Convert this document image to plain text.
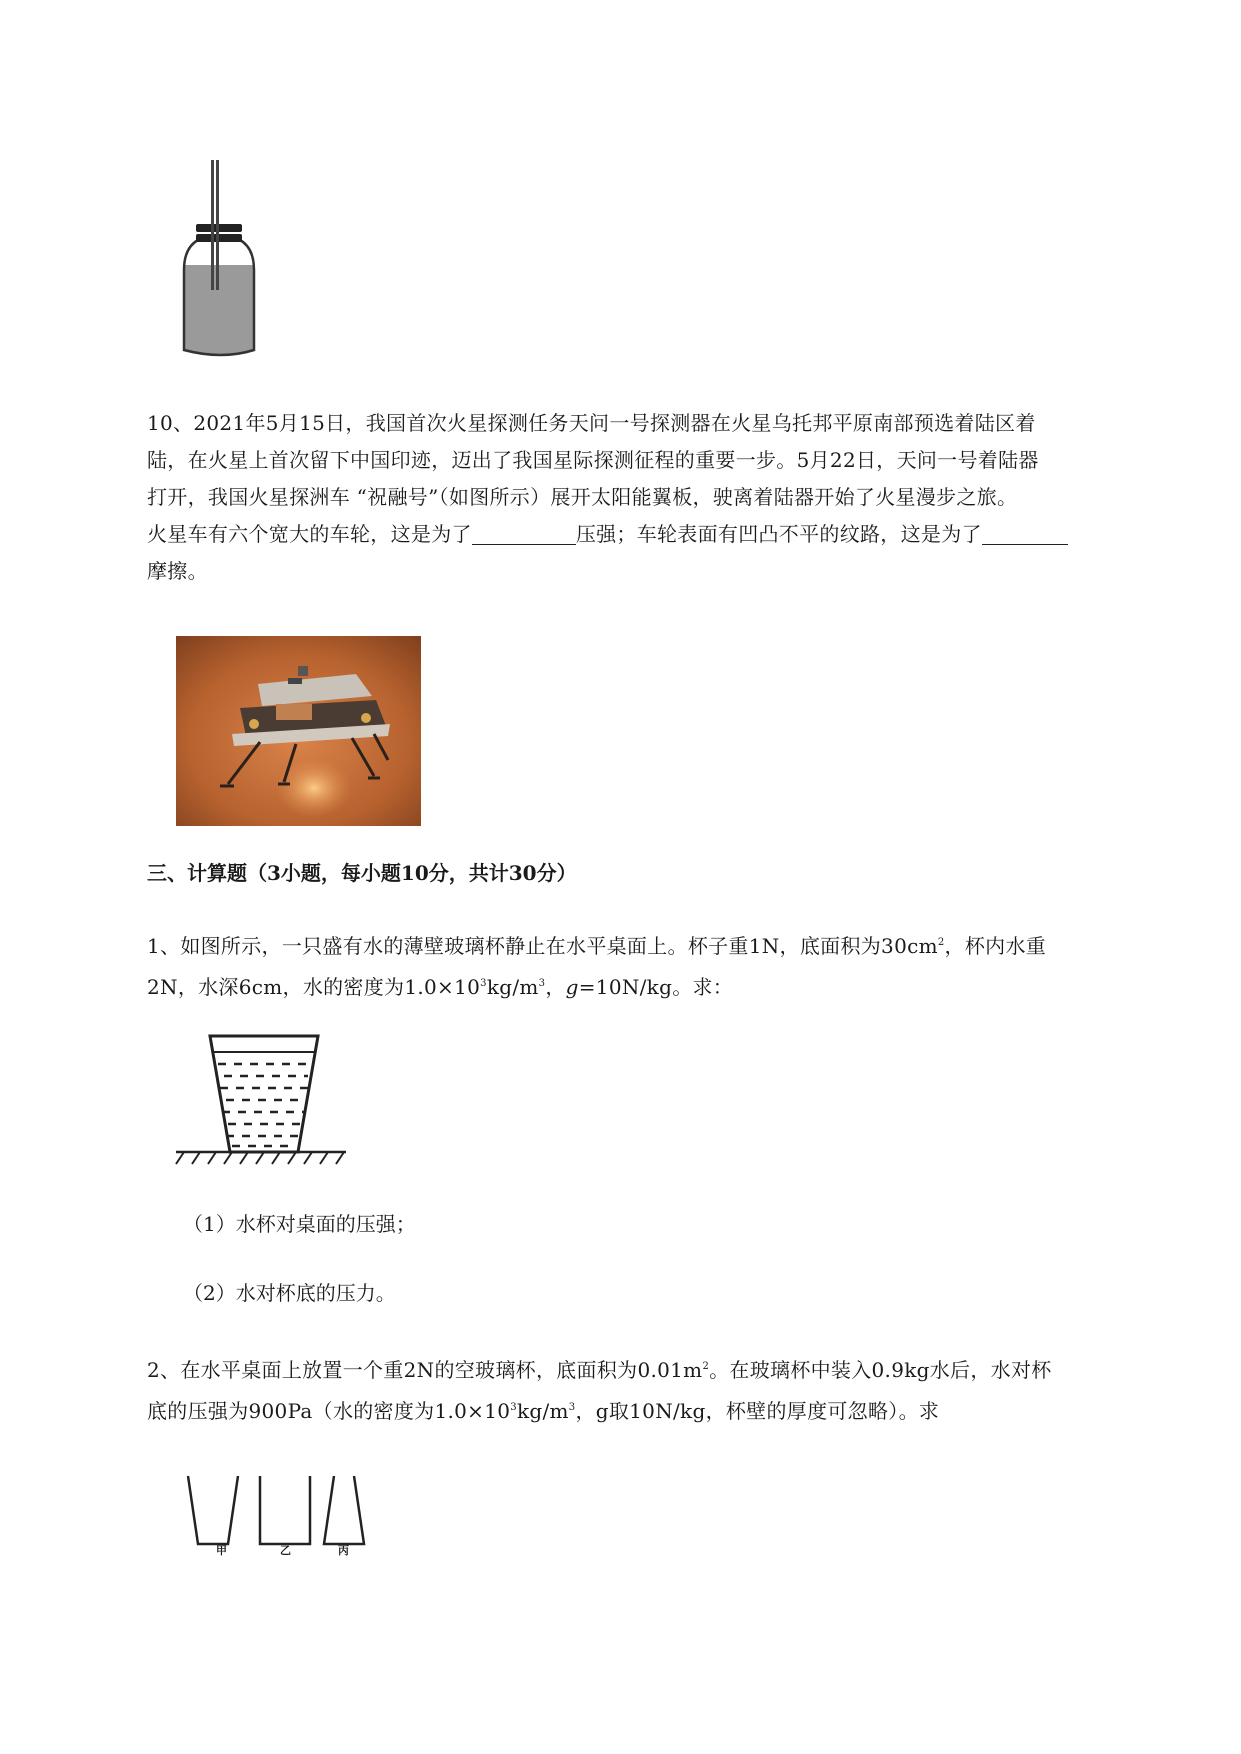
10、2021年5月15日，我国首次火星探测任务天问一号探测器在火星乌托邦平原南部预选着陆区着
陆，在火星上首次留下中国印迹，迈出了我国星际探测征程的重要一步。5月22日，天问一号着陆器
打开，我国火星探洲车 “祝融号”（如图所示）展开太阳能翼板，驶离着陆器开始了火星漫步之旅。
火星车有六个宽大的车轮，这是为了	压强；车轮表面有凹凸不平的纹路，这是为了
摩擦。
三、计算题（3小题，每小题10分，共计30分）
1、如图所示，一只盛有水的薄壁玻璃杯静止在水平桌面上。杯子重1N，底面积为$30cm^2$，杯内水重
2N，水深6cm，水的密度为$1.0\times 10^3kg/m^3$，g=10N/kg。求：
（1）水杯对桌面的压强；
（2）水对杯底的压力。
2、在水平桌面上放置一个重2N的空玻璃杯，底面积为$0.01m^2$。在玻璃杯中装入0.9kg水后，水对杯
底的压强为900Pa（水的密度为$1.0\times 10^3kg/m^3$，g取10N/kg，杯壁的厚度可忽略）。求
甲	乙	丙
